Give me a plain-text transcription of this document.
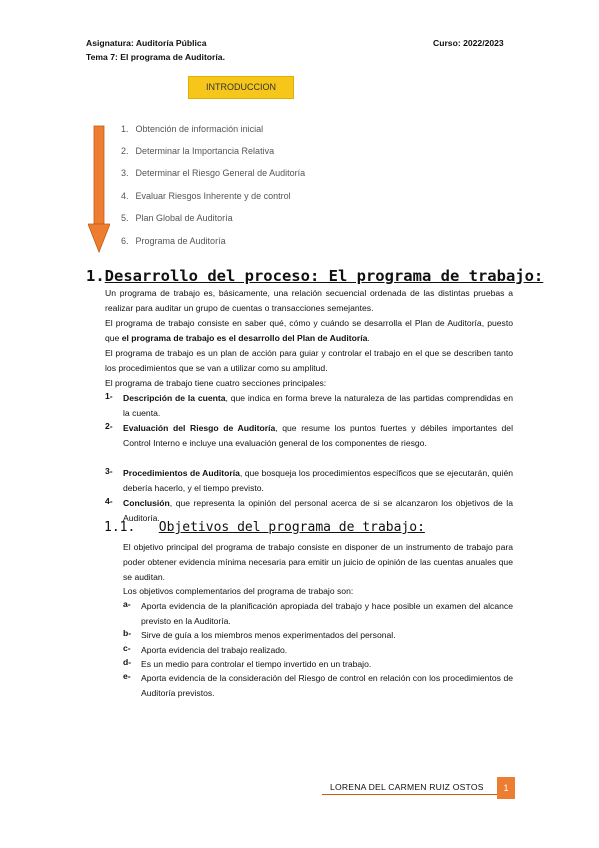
Asignatura: Auditoría Pública
Tema 7: El programa de Auditoría.
Curso: 2022/2023
INTRODUCCION
1. Obtención de información inicial
2. Determinar la Importancia Relativa
3. Determinar el Riesgo General de Auditoría
4. Evaluar Riesgos Inherente y de control
5. Plan Global de Auditoría
6. Programa de Auditoría
1.Desarrollo del proceso: El programa de trabajo:
Un programa de trabajo es, básicamente, una relación secuencial ordenada de las distintas pruebas a realizar para auditar un grupo de cuentas o transacciones semejantes.
El programa de trabajo consiste en saber qué, cómo y cuándo se desarrolla el Plan de Auditoría, puesto que el programa de trabajo es el desarrollo del Plan de Auditoría.
El programa de trabajo es un plan de acción para guiar y controlar el trabajo en el que se describen tanto los procedimientos que se van a utilizar como su amplitud.
El programa de trabajo tiene cuatro secciones principales:
1- Descripción de la cuenta, que indica en forma breve la naturaleza de las partidas comprendidas en la cuenta.
2- Evaluación del Riesgo de Auditoría, que resume los puntos fuertes y débiles importantes del Control Interno e incluye una evaluación general de los componentes de riesgo.
3- Procedimientos de Auditoría, que bosqueja los procedimientos específicos que se ejecutarán, quién debería hacerlo, y el tiempo previsto.
4- Conclusión, que representa la opinión del personal acerca de si se alcanzaron los objetivos de la Auditoría.
1.1. Objetivos del programa de trabajo:
El objetivo principal del programa de trabajo consiste en disponer de un instrumento de trabajo para poder obtener evidencia mínima necesaria para emitir un juicio de opinión de las cuentas anuales que se auditan.
Los objetivos complementarios del programa de trabajo son:
a- Aporta evidencia de la planificación apropiada del trabajo y hace posible un examen del alcance previsto en la Auditoría.
b- Sirve de guía a los miembros menos experimentados del personal.
c- Aporta evidencia del trabajo realizado.
d- Es un medio para controlar el tiempo invertido en un trabajo.
e- Aporta evidencia de la consideración del Riesgo de control en relación con los procedimientos de Auditoría previstos.
LORENA DEL CARMEN RUIZ OSTOS	1
